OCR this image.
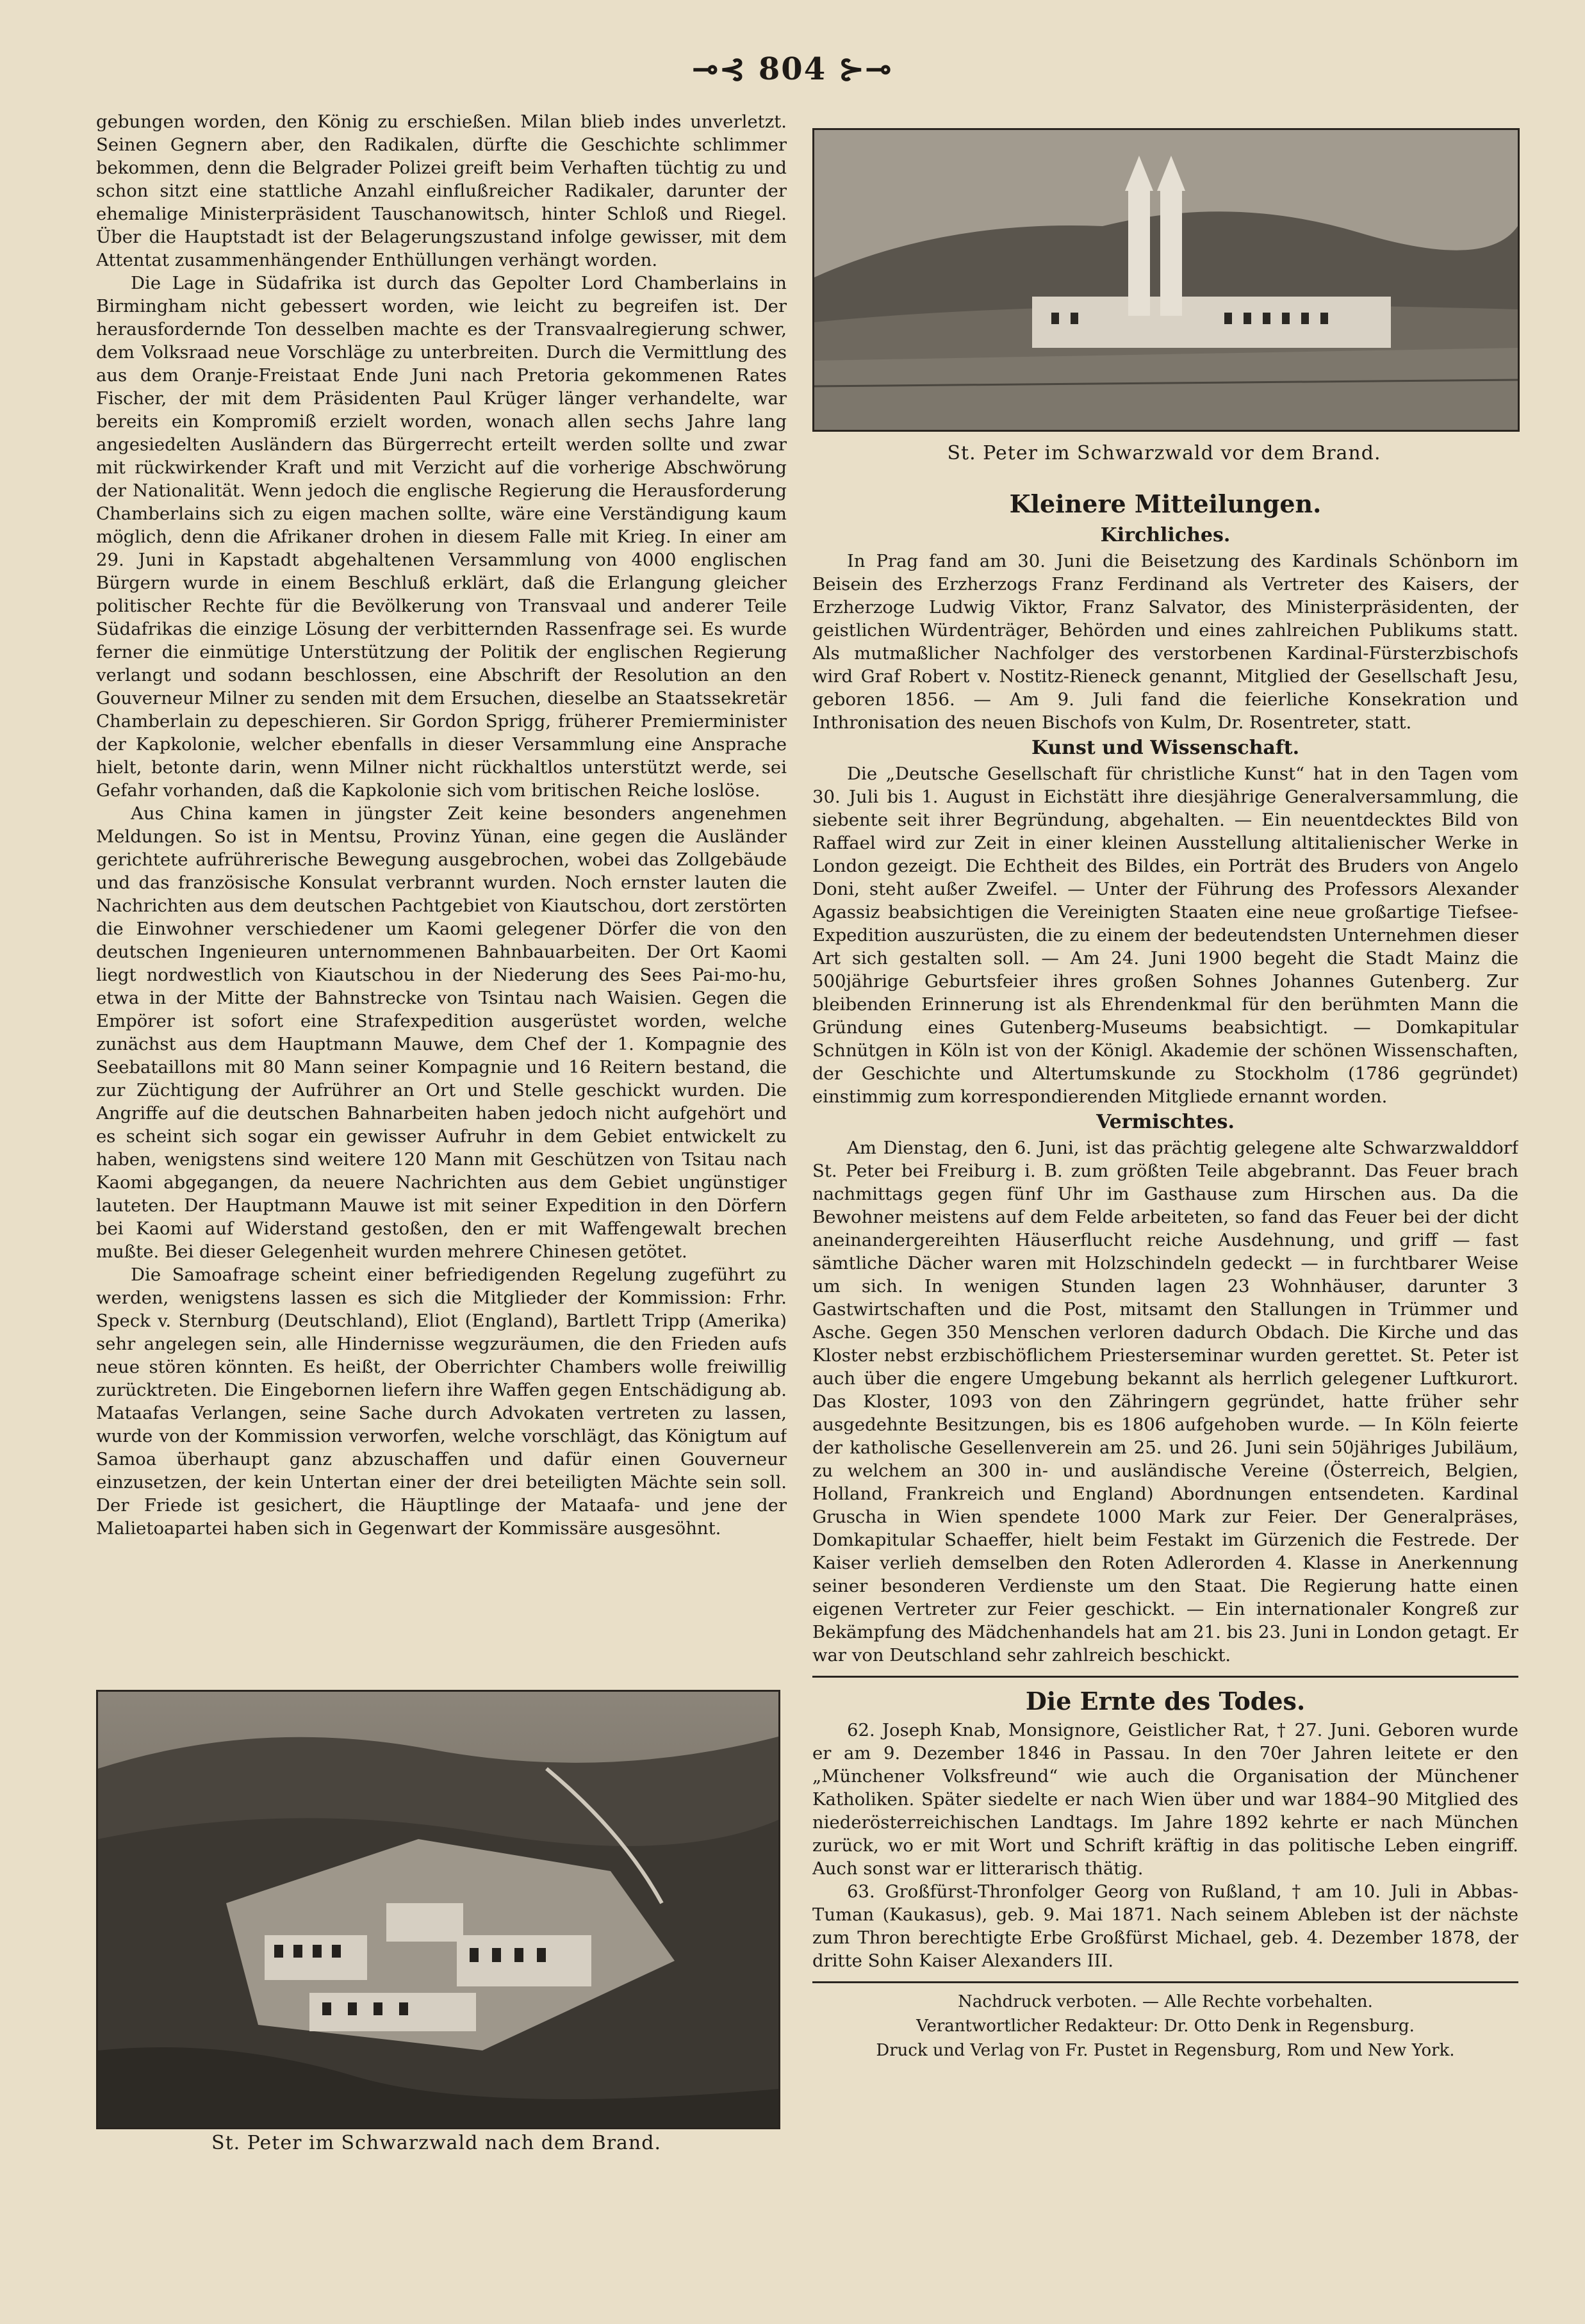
⊸⊰ 804 ⊱⊸

gebungen worden, den König zu erschießen. Milan blieb indes unverletzt. Seinen Gegnern aber, den Radikalen, dürfte die Geschichte schlimmer bekommen, denn die Belgrader Polizei greift beim Verhaften tüchtig zu und schon sitzt eine stattliche Anzahl einflußreicher Radikaler, darunter der ehemalige Ministerpräsident Tauschanowitsch, hinter Schloß und Riegel. Über die Hauptstadt ist der Belagerungszustand infolge gewisser, mit dem Attentat zusammenhängender Enthüllungen verhängt worden.

Die Lage in Südafrika ist durch das Gepolter Lord Chamberlains in Birmingham nicht gebessert worden, wie leicht zu begreifen ist. Der herausfordernde Ton desselben machte es der Transvaalregierung schwer, dem Volksraad neue Vorschläge zu unterbreiten. Durch die Vermittlung des aus dem Oranje-Freistaat Ende Juni nach Pretoria gekommenen Rates Fischer, der mit dem Präsidenten Paul Krüger länger verhandelte, war bereits ein Kompromiß erzielt worden, wonach allen sechs Jahre lang angesiedelten Ausländern das Bürgerrecht erteilt werden sollte und zwar mit rückwirkender Kraft und mit Verzicht auf die vorherige Abschwörung der Nationalität. Wenn jedoch die englische Regierung die Herausforderung Chamberlains sich zu eigen machen sollte, wäre eine Verständigung kaum möglich, denn die Afrikaner drohen in diesem Falle mit Krieg. In einer am 29. Juni in Kapstadt abgehaltenen Versammlung von 4000 englischen Bürgern wurde in einem Beschluß erklärt, daß die Erlangung gleicher politischer Rechte für die Bevölkerung von Transvaal und anderer Teile Südafrikas die einzige Lösung der verbitternden Rassenfrage sei. Es wurde ferner die einmütige Unterstützung der Politik der englischen Regierung verlangt und sodann beschlossen, eine Abschrift der Resolution an den Gouverneur Milner zu senden mit dem Ersuchen, dieselbe an Staatssekretär Chamberlain zu depeschieren. Sir Gordon Sprigg, früherer Premierminister der Kapkolonie, welcher ebenfalls in dieser Versammlung eine Ansprache hielt, betonte darin, wenn Milner nicht rückhaltlos unterstützt werde, sei Gefahr vorhanden, daß die Kapkolonie sich vom britischen Reiche loslöse.

Aus China kamen in jüngster Zeit keine besonders angenehmen Meldungen. So ist in Mentsu, Provinz Yünan, eine gegen die Ausländer gerichtete aufrührerische Bewegung ausgebrochen, wobei das Zollgebäude und das französische Konsulat verbrannt wurden. Noch ernster lauten die Nachrichten aus dem deutschen Pachtgebiet von Kiautschou, dort zerstörten die Einwohner verschiedener um Kaomi gelegener Dörfer die von den deutschen Ingenieuren unternommenen Bahnbauarbeiten. Der Ort Kaomi liegt nordwestlich von Kiautschou in der Niederung des Sees Pai-mo-hu, etwa in der Mitte der Bahnstrecke von Tsintau nach Waisien. Gegen die Empörer ist sofort eine Strafexpedition ausgerüstet worden, welche zunächst aus dem Hauptmann Mauwe, dem Chef der 1. Kompagnie des Seebataillons mit 80 Mann seiner Kompagnie und 16 Reitern bestand, die zur Züchtigung der Aufrührer an Ort und Stelle geschickt wurden. Die Angriffe auf die deutschen Bahnarbeiten haben jedoch nicht aufgehört und es scheint sich sogar ein gewisser Aufruhr in dem Gebiet entwickelt zu haben, wenigstens sind weitere 120 Mann mit Geschützen von Tsitau nach Kaomi abgegangen, da neuere Nachrichten aus dem Gebiet ungünstiger lauteten. Der Hauptmann Mauwe ist mit seiner Expedition in den Dörfern bei Kaomi auf Widerstand gestoßen, den er mit Waffengewalt brechen mußte. Bei dieser Gelegenheit wurden mehrere Chinesen getötet.

Die Samoafrage scheint einer befriedigenden Regelung zugeführt zu werden, wenigstens lassen es sich die Mitglieder der Kommission: Frhr. Speck v. Sternburg (Deutschland), Eliot (England), Bartlett Tripp (Amerika) sehr angelegen sein, alle Hindernisse wegzuräumen, die den Frieden aufs neue stören könnten. Es heißt, der Oberrichter Chambers wolle freiwillig zurücktreten. Die Eingebornen liefern ihre Waffen gegen Entschädigung ab. Mataafas Verlangen, seine Sache durch Advokaten vertreten zu lassen, wurde von der Kommission verworfen, welche vorschlägt, das Königtum auf Samoa überhaupt ganz abzuschaffen und dafür einen Gouverneur einzusetzen, der kein Untertan einer der drei beteiligten Mächte sein soll. Der Friede ist gesichert, die Häuptlinge der Mataafa- und jene der Malietoapartei haben sich in Gegenwart der Kommissäre ausgesöhnt.

St. Peter im Schwarzwald nach dem Brand.
St. Peter im Schwarzwald vor dem Brand.
Kleinere Mitteilungen.
Kirchliches.

In Prag fand am 30. Juni die Beisetzung des Kardinals Schönborn im Beisein des Erzherzogs Franz Ferdinand als Vertreter des Kaisers, der Erzherzoge Ludwig Viktor, Franz Salvator, des Ministerpräsidenten, der geistlichen Würdenträger, Behörden und eines zahlreichen Publikums statt. Als mutmaßlicher Nachfolger des verstorbenen Kardinal-Fürsterzbischofs wird Graf Robert v. Nostitz-Rieneck genannt, Mitglied der Gesellschaft Jesu, geboren 1856. — Am 9. Juli fand die feierliche Konsekration und Inthronisation des neuen Bischofs von Kulm, Dr. Rosentreter, statt.

Kunst und Wissenschaft.

Die „Deutsche Gesellschaft für christliche Kunst“ hat in den Tagen vom 30. Juli bis 1. August in Eichstätt ihre diesjährige Generalversammlung, die siebente seit ihrer Begründung, abgehalten. — Ein neuentdecktes Bild von Raffael wird zur Zeit in einer kleinen Ausstellung altitalienischer Werke in London gezeigt. Die Echtheit des Bildes, ein Porträt des Bruders von Angelo Doni, steht außer Zweifel. — Unter der Führung des Professors Alexander Agassiz beabsichtigen die Vereinigten Staaten eine neue großartige Tiefsee-Expedition auszurüsten, die zu einem der bedeutendsten Unternehmen dieser Art sich gestalten soll. — Am 24. Juni 1900 begeht die Stadt Mainz die 500jährige Geburtsfeier ihres großen Sohnes Johannes Gutenberg. Zur bleibenden Erinnerung ist als Ehrendenkmal für den berühmten Mann die Gründung eines Gutenberg-Museums beabsichtigt. — Domkapitular Schnütgen in Köln ist von der Königl. Akademie der schönen Wissenschaften, der Geschichte und Altertumskunde zu Stockholm (1786 gegründet) einstimmig zum korrespondierenden Mitgliede ernannt worden.

Vermischtes.

Am Dienstag, den 6. Juni, ist das prächtig gelegene alte Schwarzwalddorf St. Peter bei Freiburg i. B. zum größten Teile abgebrannt. Das Feuer brach nachmittags gegen fünf Uhr im Gasthause zum Hirschen aus. Da die Bewohner meistens auf dem Felde arbeiteten, so fand das Feuer bei der dicht aneinandergereihten Häuserflucht reiche Ausdehnung, und griff — fast sämtliche Dächer waren mit Holzschindeln gedeckt — in furchtbarer Weise um sich. In wenigen Stunden lagen 23 Wohnhäuser, darunter 3 Gastwirtschaften und die Post, mitsamt den Stallungen in Trümmer und Asche. Gegen 350 Menschen verloren dadurch Obdach. Die Kirche und das Kloster nebst erzbischöflichem Priesterseminar wurden gerettet. St. Peter ist auch über die engere Umgebung bekannt als herrlich gelegener Luftkurort. Das Kloster, 1093 von den Zähringern gegründet, hatte früher sehr ausgedehnte Besitzungen, bis es 1806 aufgehoben wurde. — In Köln feierte der katholische Gesellenverein am 25. und 26. Juni sein 50jähriges Jubiläum, zu welchem an 300 in- und ausländische Vereine (Österreich, Belgien, Holland, Frankreich und England) Abordnungen entsendeten. Kardinal Gruscha in Wien spendete 1000 Mark zur Feier. Der Generalpräses, Domkapitular Schaeffer, hielt beim Festakt im Gürzenich die Festrede. Der Kaiser verlieh demselben den Roten Adlerorden 4. Klasse in Anerkennung seiner besonderen Verdienste um den Staat. Die Regierung hatte einen eigenen Vertreter zur Feier geschickt. — Ein internationaler Kongreß zur Bekämpfung des Mädchenhandels hat am 21. bis 23. Juni in London getagt. Er war von Deutschland sehr zahlreich beschickt.

Die Ernte des Todes.

62. Joseph Knab, Monsignore, Geistlicher Rat, † 27. Juni. Geboren wurde er am 9. Dezember 1846 in Passau. In den 70er Jahren leitete er den „Münchener Volksfreund“ wie auch die Organisation der Münchener Katholiken. Später siedelte er nach Wien über und war 1884–90 Mitglied des niederösterreichischen Landtags. Im Jahre 1892 kehrte er nach München zurück, wo er mit Wort und Schrift kräftig in das politische Leben eingriff. Auch sonst war er litterarisch thätig.

63. Großfürst-Thronfolger Georg von Rußland, † am 10. Juli in Abbas-Tuman (Kaukasus), geb. 9. Mai 1871. Nach seinem Ableben ist der nächste zum Thron berechtigte Erbe Großfürst Michael, geb. 4. Dezember 1878, der dritte Sohn Kaiser Alexanders III.

Nachdruck verboten. — Alle Rechte vorbehalten.

Verantwortlicher Redakteur: Dr. Otto Denk in Regensburg.

Druck und Verlag von Fr. Pustet in Regensburg, Rom und New York.
